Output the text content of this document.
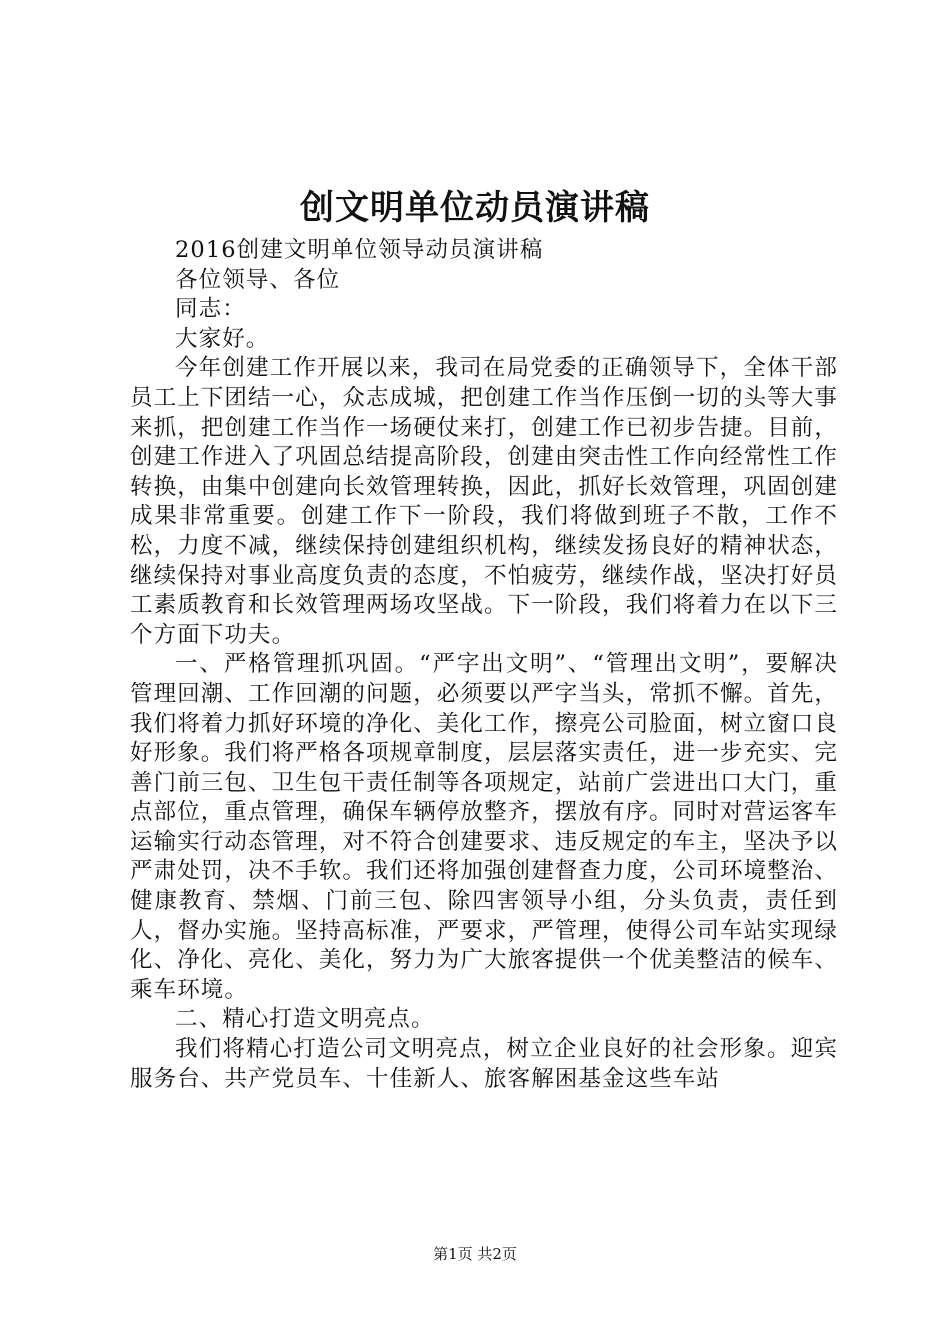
创文明单位动员演讲稿

2016创建文明单位领导动员演讲稿

各位领导、各位

同志：

大家好。

今年创建工作开展以来，我司在局党委的正确领导下，全体干部员工上下团结一心，众志成城，把创建工作当作压倒一切的头等大事来抓，把创建工作当作一场硬仗来打，创建工作已初步告捷。目前，创建工作进入了巩固总结提高阶段，创建由突击性工作向经常性工作转换，由集中创建向长效管理转换，因此，抓好长效管理，巩固创建成果非常重要。创建工作下一阶段，我们将做到班子不散，工作不松，力度不减，继续保持创建组织机构，继续发扬良好的精神状态，继续保持对事业高度负责的态度，不怕疲劳，继续作战，坚决打好员工素质教育和长效管理两场攻坚战。下一阶段，我们将着力在以下三个方面下功夫。

一、严格管理抓巩固。“严字出文明”、“管理出文明”，要解决管理回潮、工作回潮的问题，必须要以严字当头，常抓不懈。首先，我们将着力抓好环境的净化、美化工作，擦亮公司脸面，树立窗口良好形象。我们将严格各项规章制度，层层落实责任，进一步充实、完善门前三包、卫生包干责任制等各项规定，站前广尝进出口大门，重点部位，重点管理，确保车辆停放整齐，摆放有序。同时对营运客车运输实行动态管理，对不符合创建要求、违反规定的车主，坚决予以严肃处罚，决不手软。我们还将加强创建督查力度，公司环境整治、健康教育、禁烟、门前三包、除四害领导小组，分头负责，责任到人，督办实施。坚持高标准，严要求，严管理，使得公司车站实现绿化、净化、亮化、美化，努力为广大旅客提供一个优美整洁的候车、乘车环境。

二、精心打造文明亮点。

我们将精心打造公司文明亮点，树立企业良好的社会形象。迎宾服务台、共产党员车、十佳新人、旅客解困基金这些车站

第1页 共2页
